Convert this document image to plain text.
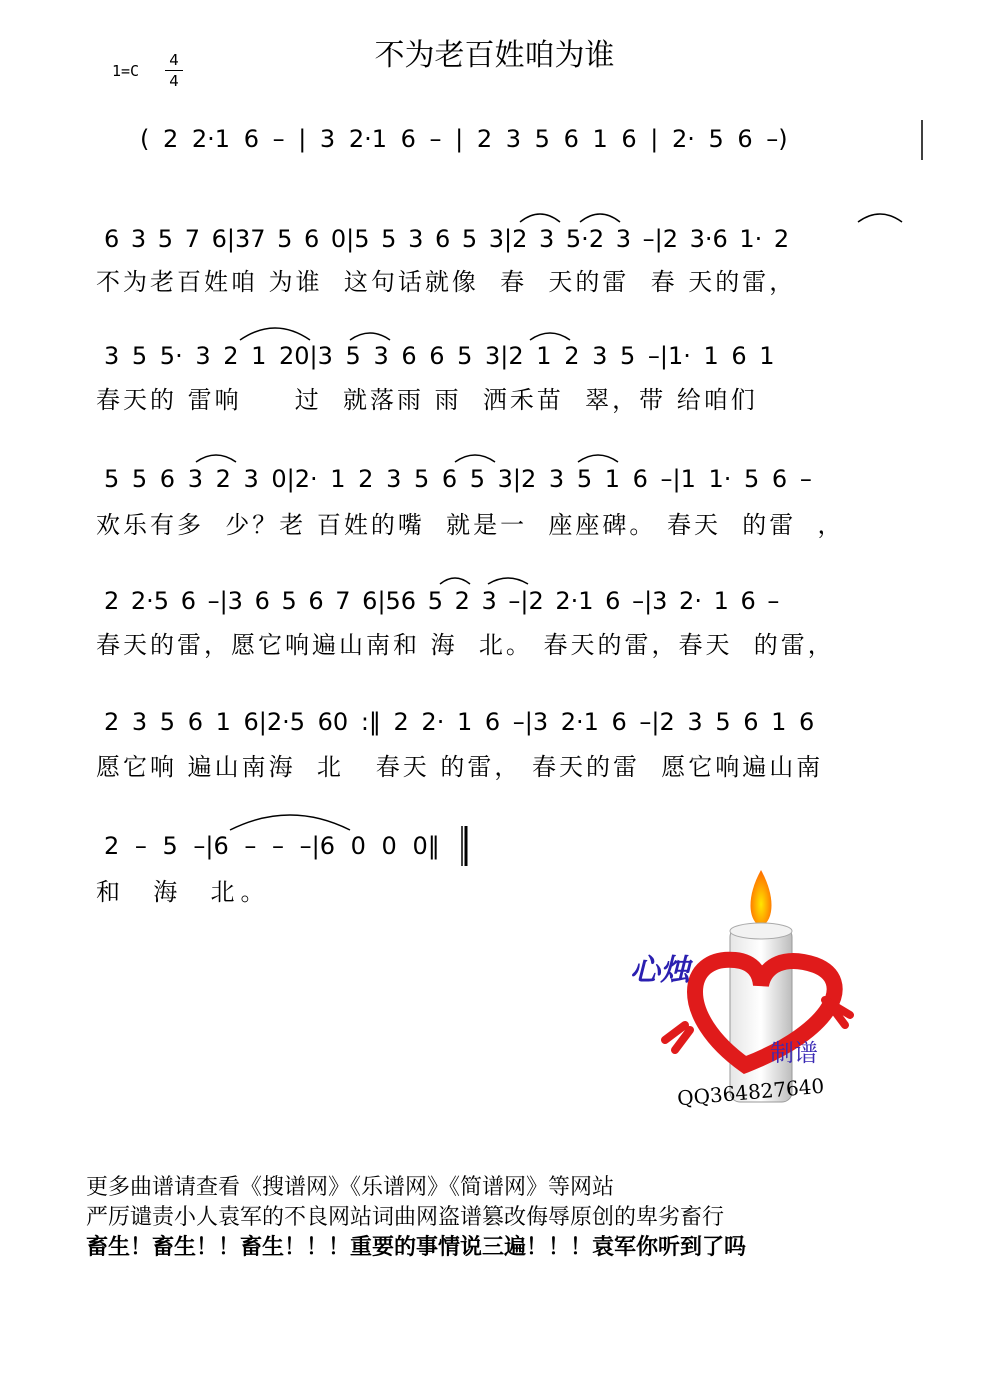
不为老百姓咱为谁
1=C
4
4
( 2 2·1 6 – | 3 2·1 6 – | 2 3 5 6 1 6 | 2· 5 6 –)
6 3 5 7 6|37 5 6 0|5 5 3 6 5 3|2 3 5·2 3 –|2 3·6 1· 2
不为老百姓咱 为谁  这句话就像  春  天的雷  春 天的雷，
3 5 5· 3 2 1 20|3 5 3 6 6 5 3|2 1 2 3 5 –|1· 1 6 1
春天的 雷响     过  就落雨 雨  洒禾苗  翠，带 给咱们
5 5 6 3 2 3 0|2· 1 2 3 5 6 5 3|2 3 5 1 6 –|1 1· 5 6 –
欢乐有多  少？老 百姓的嘴  就是一  座座碑。 春天  的雷  ，
2 2·5 6 –|3 6 5 6 7 6|56 5 2 3 –|2 2·1 6 –|3 2· 1 6 –
春天的雷，愿它响遍山南和 海  北。 春天的雷，春天  的雷，
2 3 5 6 1 6|2·5 60 :‖ 2 2· 1 6 –|3 2·1 6 –|2 3 5 6 1 6
愿它响 遍山南海  北   春天 的雷， 春天的雷  愿它响遍山南
2 – 5 –|6 – – –|6 0 0 0‖
和  海  北。
心烛
制谱
QQ364827640
更多曲谱请查看《搜谱网》《乐谱网》《简谱网》等网站
严厉谴责小人袁军的不良网站词曲网盗谱篡改侮辱原创的卑劣畜行
畜生！畜生！！畜生！！！重要的事情说三遍！！！袁军你听到了吗
